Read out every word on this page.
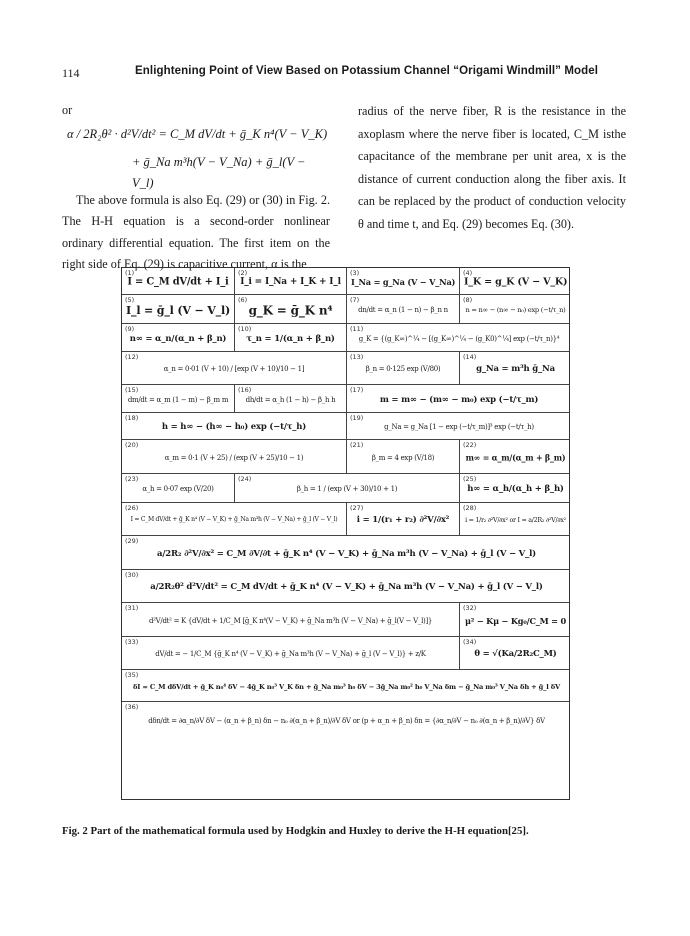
114	Enlightening Point of View Based on Potassium Channel “Origami Windmill” Model

or

α / 2R₂θ² · d²V/dt² = C_M dV/dt + ḡ_K n⁴(V − V_K)
+ ḡ_Na m³h(V − V_Na) + ḡ_l(V − V_l)

The above formula is also Eq. (29) or (30) in Fig. 2. The H-H equation is a second-order nonlinear ordinary differential equation. The first item on the right side of Eq. (29) is capacitive current, α is the

radius of the nerve fiber, R is the resistance in the axoplasm where the nerve fiber is located, C_M isthe capacitance of the membrane per unit area, x is the distance of current conduction along the fiber axis. It can be replaced by the product of conduction velocity θ and time t, and Eq. (29) becomes Eq. (30).

(1)
I = C_M dV/dt + I_i
(2)
I_i = I_Na + I_K + I_l
(3)
I_Na = g_Na (V − V_Na)
(4)
I_K = g_K (V − V_K)
(5)
I_l = ḡ_l (V − V_l)
(6)
g_K = ḡ_K n⁴
(7)
dn/dt = α_n (1 − n) − β_n n
(8)
n = n∞ − (n∞ − n₀) exp (−t/τ_n)
(9)
n∞ = α_n/(α_n + β_n)
(10)
τ_n = 1/(α_n + β_n)
(11)
g_K = {(g_K∞)^¼ − [(g_K∞)^¼ − (g_K0)^¼] exp (−t/τ_n)}⁴
(12)
α_n = 0·01 (V + 10) / [exp (V + 10)/10 − 1]
(13)
β_n = 0·125 exp (V/80)
(14)
g_Na = m³h ḡ_Na
(15)
dm/dt = α_m (1 − m) − β_m m
(16)
dh/dt = α_h (1 − h) − β_h h
(17)
m = m∞ − (m∞ − m₀) exp (−t/τ_m)
(18)
h = h∞ − (h∞ − h₀) exp (−t/τ_h)
(19)
g_Na = g_Na [1 − exp (−t/τ_m)]³ exp (−t/τ_h)
(20)
α_m = 0·1 (V + 25) / (exp (V + 25)/10 − 1)
(21)
β_m = 4 exp (V/18)
(22)
m∞ = α_m/(α_m + β_m)
(23)
α_h = 0·07 exp (V/20)
(24)
β_h = 1 / (exp (V + 30)/10 + 1)
(25)
h∞ = α_h/(α_h + β_h)
(26)
I = C_M dV/dt + ḡ_K n⁴ (V − V_K) + ḡ_Na m³h (V − V_Na) + ḡ_l (V − V_l)
(27)
i = 1/(r₁ + r₂) ∂²V/∂x²
(28)
i = 1/r₂ ∂²V/∂x² or I = a/2R₂ ∂²V/∂x²
(29)
a/2R₂ ∂²V/∂x² = C_M ∂V/∂t + ḡ_K n⁴ (V − V_K) + ḡ_Na m³h (V − V_Na) + ḡ_l (V − V_l)
(30)
a/2R₂θ² d²V/dt² = C_M dV/dt + ḡ_K n⁴ (V − V_K) + ḡ_Na m³h (V − V_Na) + ḡ_l (V − V_l)
(31)
d²V/dt² = K {dV/dt + 1/C_M [ḡ_K n⁴(V − V_K) + ḡ_Na m³h (V − V_Na) + ḡ_l(V − V_l)]}
(32)
μ² − Kμ − Kg₀/C_M = 0
(33)
dV/dt = − 1/C_M {ḡ_K n⁴ (V − V_K) + ḡ_Na m³h (V − V_Na) + ḡ_l (V − V_l)} + z/K
(34)
θ = √(Ka/2R₂C_M)
(35)
δI = C_M dδV/dt + ḡ_K n₀⁴ δV − 4ḡ_K n₀³ V_K δn + ḡ_Na m₀³ h₀ δV − 3ḡ_Na m₀² h₀ V_Na δm − ḡ_Na m₀³ V_Na δh + ḡ_l δV
(36)
dδn/dt = ∂α_n/∂V δV − (α_n + β_n) δn − n₀ ∂(α_n + β_n)/∂V δV or (p + α_n + β_n) δn = {∂α_n/∂V − n₀ ∂(α_n + β_n)/∂V} δV
Fig. 2 Part of the mathematical formula used by Hodgkin and Huxley to derive the H-H equation[25].
